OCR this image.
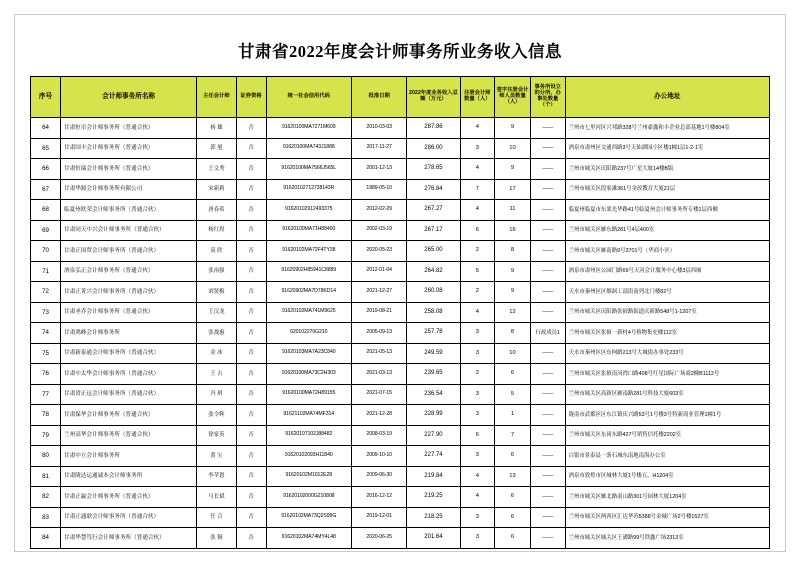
甘肃省2022年度会计师事务所业务收入信息
序号	会计师事务所名称	主任会计师	证券资格	统一社会信用代码	批准日期	2022年度业务收入总额（万元）	注册会计师数量（人）	签字注册会计师人员数量（人）	事务所设立的分所、办事处数量（个）	办公地址
64	甘肃恒卓会计师事务所（普通合伙）	杨 雄	否	91620100MA7271M609	2010-03-03	287.86	4	9	——	兰州市七里河区兴邦路328号兰州豪鑫和丰企业总部基地1号楼804室
65	甘肃国丰会计师事务所（普通合伙）	郭 旭	否	91620100MA743J1888	2017-11-27	286.00	3	10	——	酒泉市肃州区交通西路3号天仙湖园小区楼1幢1层1-2-1室
66	甘肃恒瑞会计师事务所（普通合伙）	王文秀	否	91620100MA7566J565L	2001-12-13	278.65	4	9	——	兰州市城关区庆阳路237号广星大厦14楼B版
67	甘肃华源会计师事务所有限公司	宋新莉	否	91620102712738143R	1989-05-10	276.84	7	17	——	兰州市城关区段家滩361号金改教育大厦21层
68	临夏州欣荣会计师事务所（普通合伙）	唐春希	否	91620102912493375	2012-02-29	267.27	4	11	——	临夏州临夏市东郊光华路41号临夏州会计师事务所专楼1层西侧
69	甘肃同天中兴会计师事务所（普通合伙）	杨红煜	否	91620100MA71H88400	2002-03-19	267.17	6	16	——	兰州市城关区雁东路281号4层400室
70	甘肃正国贸会计师事务所（普通合伙）	高 欣	否	91620102MA72F4TY38	2020-05-23	265.00	2	8	——	兰州市城关区雁南路9号3701号（华商小区）
71	酒泉弘正会计师事务所（普通合伙）	张治强	否	91620902H85941C8889	2012-01-04	264.82	5	9	——	酒泉市肃州区公园门路69号天河会计服务中心楼3层西厢
72	甘肃正菁兴会计师事务所（普通合伙）	刘贤梅	否	91620902MA7D78KD14	2021-12-27	260.08	2	9	——	天水市秦州区区烟洞工部街南列北门楼82号
73	甘肃圣乔会计师事务所（普通合伙）	王汉龙	否	91620102MA741M9625	2019-08-21	258.08	4	12	——	兰州市城关区庆阳路张掖路街道庆新路548号1-1207室
74	甘肃鸿峰会计师事务所	张战惠	否	620102270G210	2005-09-13	257.78	3	8	行政成员1	兰州市城关区张掖一新村4号格物集充楼112室
75	甘肃新泰通会计师事务所（普通合伙）	金 冰	否	91620103MA7A23C840	2021-05-13	249.59	3	10	——	天水市秦州区区东柯路213号大城街办事处233号
76	甘肃中太华会计师事务所（普通合伙）	王 吉	否	91620100MA73C2H303	2021-03-13	239.65	2	6	——	兰州市城关区张掖南河湾口路408号红星国际广场商2幢B1112号
77	甘肃省正远会计师事务所（普通合伙）	冯 琪	否	91620100MA72H89155	2021-07-15	236.54	3	5	——	兰州市城关区高新区雁南路281号科技大厦603室
78	甘肃保华会计师事务所（普通合伙）	张令辉	否	91621102MA74MF314	2021-12-28	228.99	3	1	——	陇南市武都区区东江镇庆兴路53号1号楼3号特新商业管理1幢1号
79	兰州高华会计师事务所（普通合伙）	徐家英	否	91620107102J88482	2008-03-19	227.90	6	7	——	兰州市城关区东岗东路427号销售信托楼2202室
80	甘肃中立会计师事务所	黄 宝	否	91620102093H11840	2009-10-10	227.74	3	6	——	白银市景泰县一条石城东南地南海办公室
81	甘肃陇达运通诚本会计师事务所	李苹恩	否	91620102M1012E28	2009-06-30	219.84	4	13	——	酒泉市敦煌市区城林大厦1号楼五、H1204室
82	甘肃正赢会计师事务所（普通合伙）	马长斌	否	91620102000G210808	2016-12-12	219.25	4	6	——	兰州市城关区雁北路南山路301号园林大厦1204室
83	甘肃正通联会计师事务所（普通合伙）	任 合	否	91620102MA73Q2S99G	2019-12-01	218.25	3	6	——	兰州市城关区两西区汇达华苏5388号金城广场2号楼1527室
84	甘肃华慧笃行会计师事务所（普通合伙）	张 铜	否	91620102MA74MY4L48	2020-06-25	201.64	3	6	——	兰州市城关区城关区王溝路99号铁鑫广场2313室
